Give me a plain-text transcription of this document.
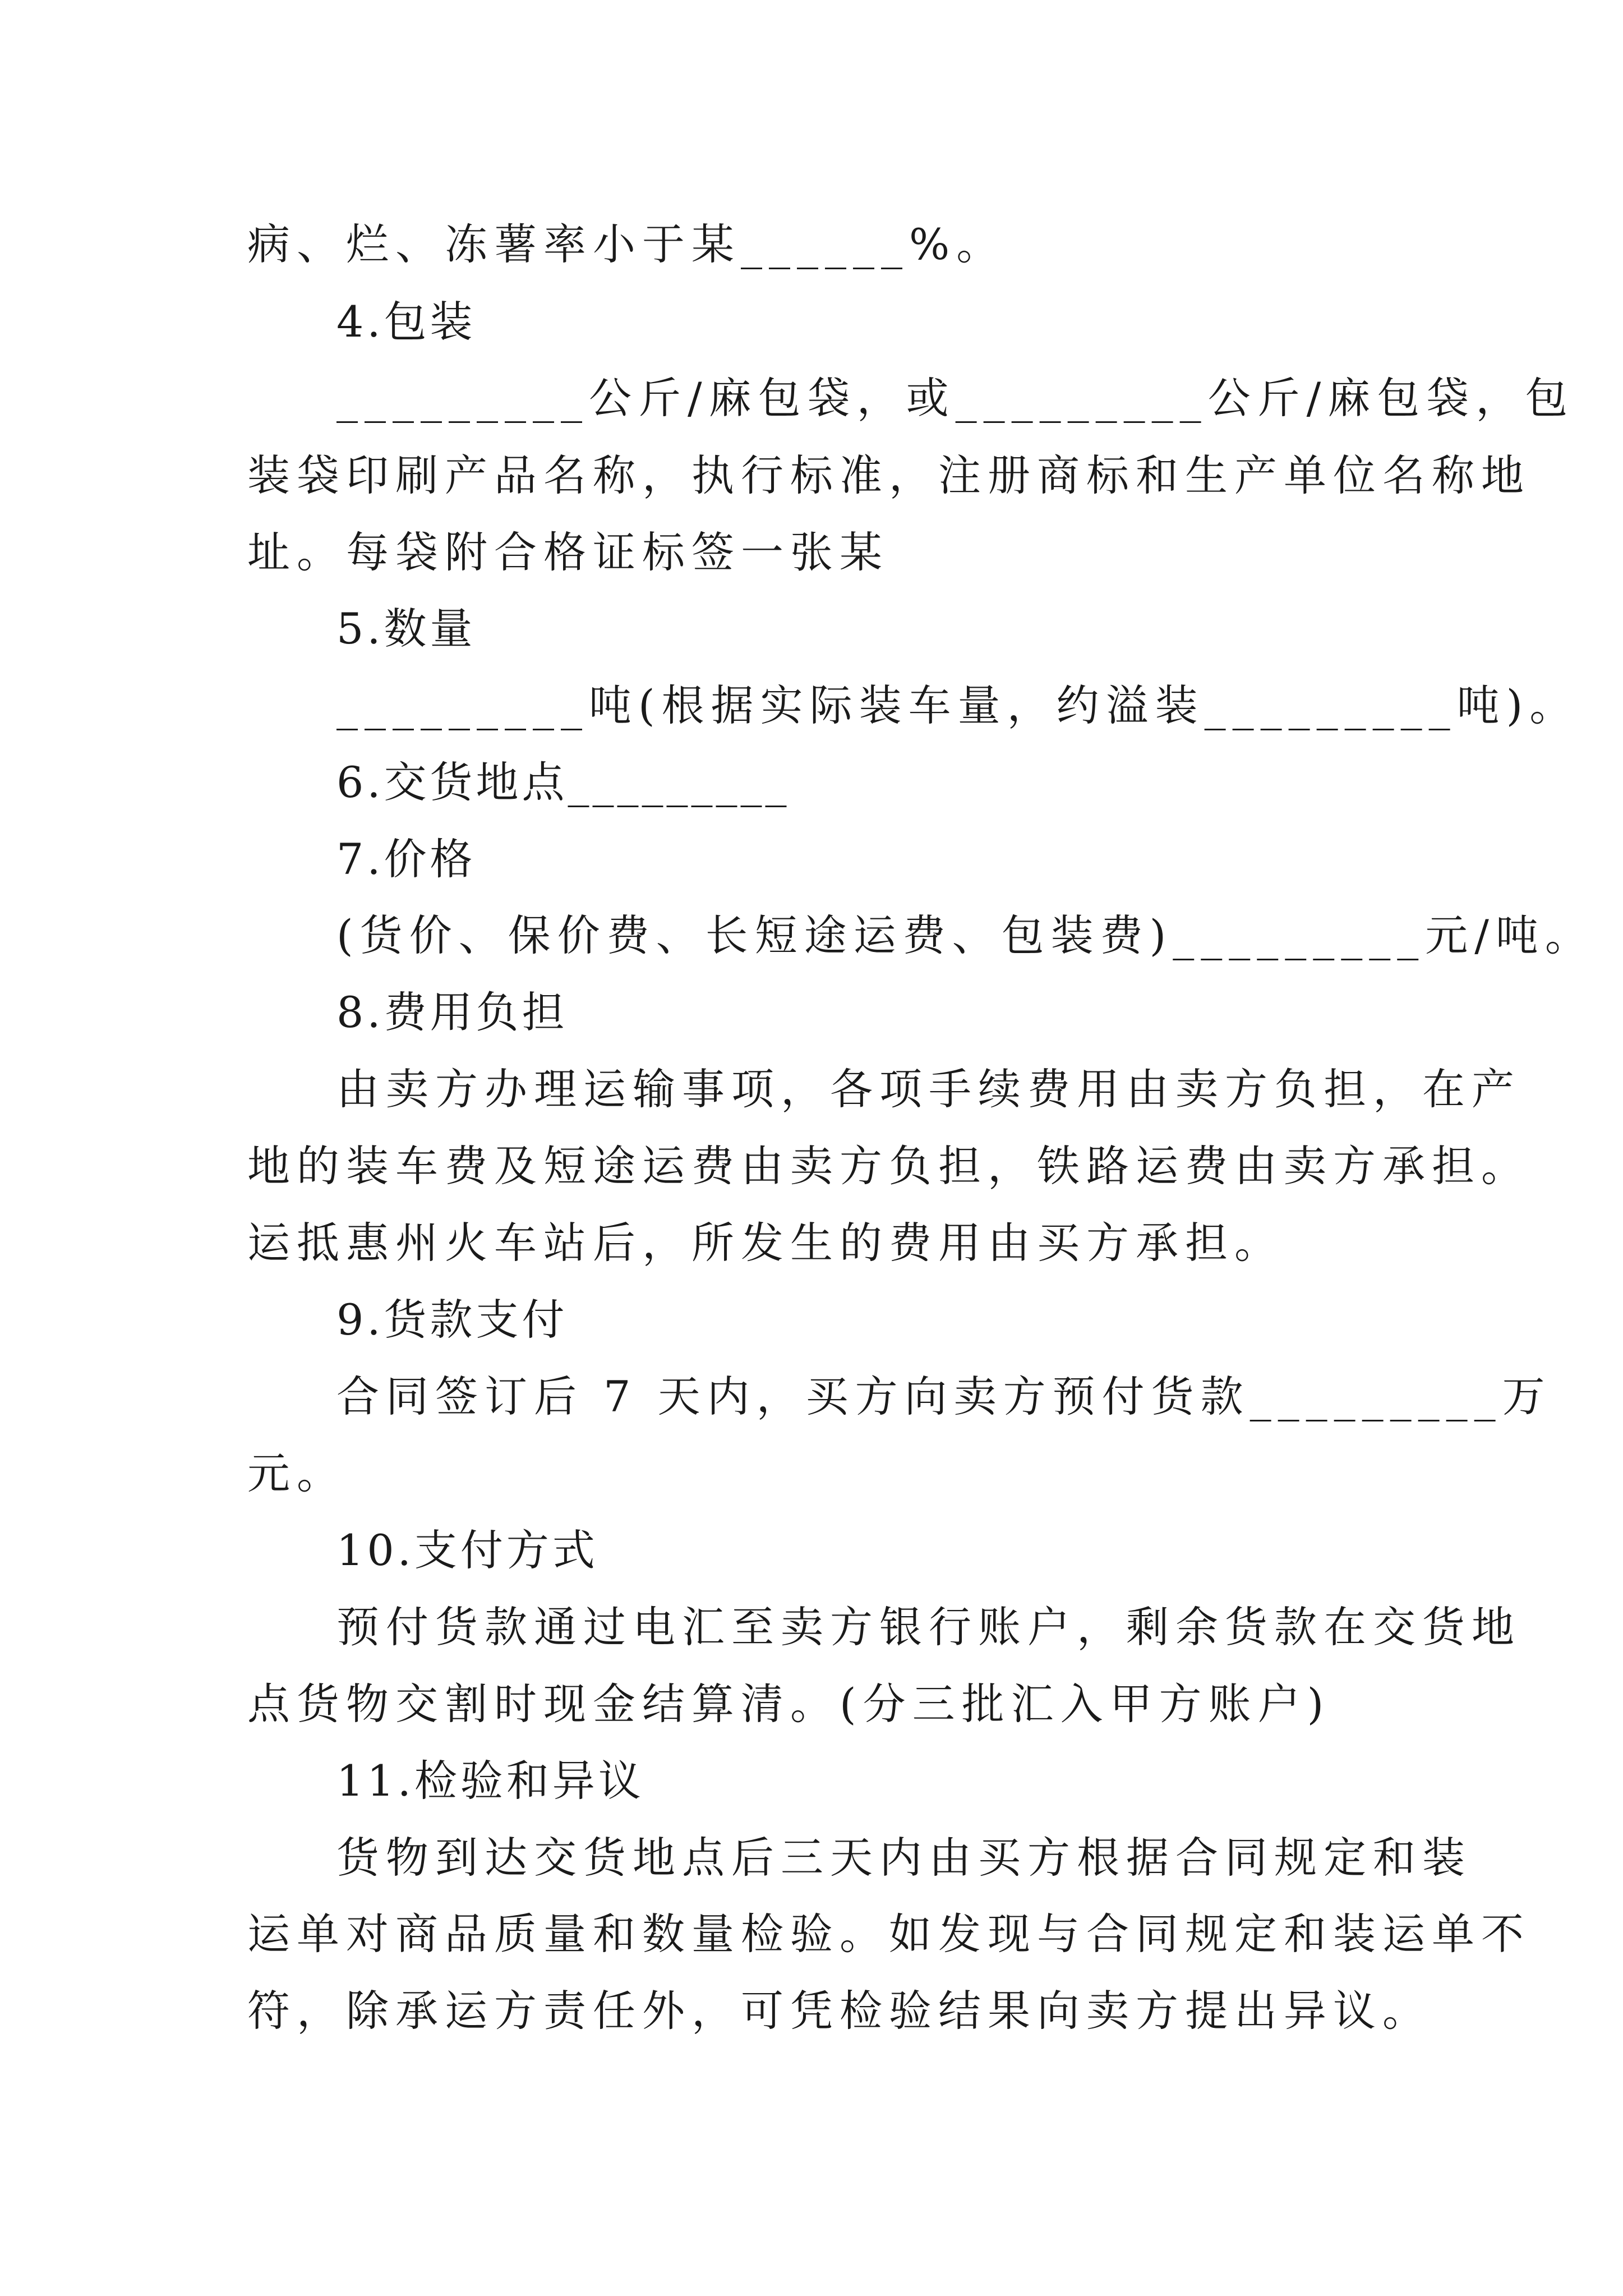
病、烂、冻薯率小于某______%。
4.包装
_________公斤/麻包袋，或_________公斤/麻包袋，包
装袋印刷产品名称，执行标准，注册商标和生产单位名称地
址。每袋附合格证标签一张某
5.数量
_________吨(根据实际装车量，约溢装_________吨)。
6.交货地点_________
7.价格
(货价、保价费、长短途运费、包装费)_________元/吨。
8.费用负担
由卖方办理运输事项，各项手续费用由卖方负担，在产
地的装车费及短途运费由卖方负担，铁路运费由卖方承担。
运抵惠州火车站后，所发生的费用由买方承担。
9.货款支付
合同签订后 7 天内，买方向卖方预付货款_________万
元。
10.支付方式
预付货款通过电汇至卖方银行账户，剩余货款在交货地
点货物交割时现金结算清。(分三批汇入甲方账户)
11.检验和异议
货物到达交货地点后三天内由买方根据合同规定和装
运单对商品质量和数量检验。如发现与合同规定和装运单不
符，除承运方责任外，可凭检验结果向卖方提出异议。
